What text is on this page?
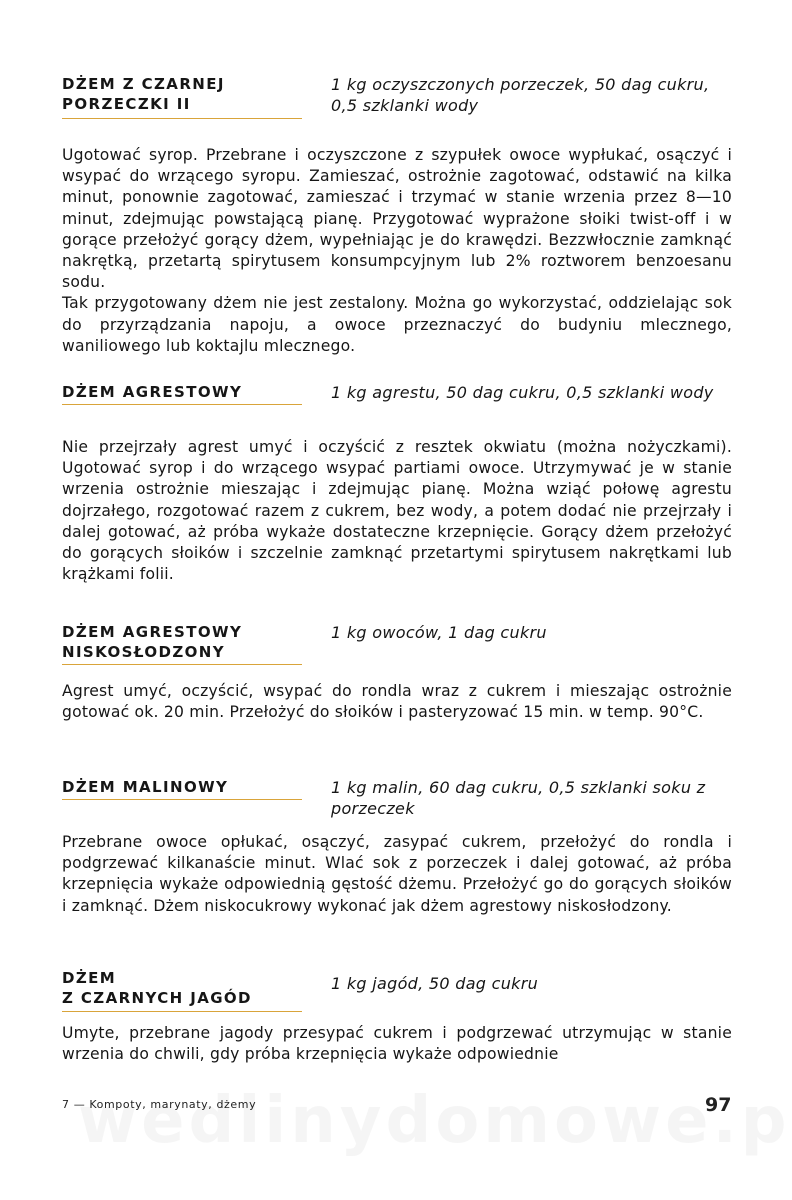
DŻEM Z CZARNEJ
PORZECZKI II
1 kg oczyszczonych porzeczek, 50 dag cukru, 0,5 szklanki wody

Ugotować syrop. Przebrane i oczyszczone z szypułek owoce wypłukać, osączyć i wsypać do wrzącego syropu. Zamieszać, ostrożnie zagotować, odstawić na kilka minut, ponownie zagotować, zamieszać i trzymać w stanie wrzenia przez 8—10 minut, zdejmując powstającą pianę. Przygotować wyprażone słoiki twist-off i w gorące przełożyć gorący dżem, wypełniając je do krawędzi. Bezzwłocznie zamknąć nakrętką, przetartą spirytusem konsumpcyjnym lub 2% roztworem benzoesanu sodu.

Tak przygotowany dżem nie jest zestalony. Można go wykorzystać, oddzielając sok do przyrządzania napoju, a owoce przeznaczyć do budyniu mlecznego, waniliowego lub koktajlu mlecznego.

DŻEM AGRESTOWY	1 kg agrestu, 50 dag cukru, 0,5 szklanki wody

Nie przejrzały agrest umyć i oczyścić z resztek okwiatu (można nożyczkami). Ugotować syrop i do wrzącego wsypać partiami owoce. Utrzymywać je w stanie wrzenia ostrożnie mieszając i zdejmując pianę. Można wziąć połowę agrestu dojrzałego, rozgotować razem z cukrem, bez wody, a potem dodać nie przejrzały i dalej gotować, aż próba wykaże dostateczne krzepnięcie. Gorący dżem przełożyć do gorących słoików i szczelnie zamknąć przetartymi spirytusem nakrętkami lub krążkami folii.

DŻEM AGRESTOWY
NISKOSŁODZONY
1 kg owoców, 1 dag cukru

Agrest umyć, oczyścić, wsypać do rondla wraz z cukrem i mieszając ostrożnie gotować ok. 20 min. Przełożyć do słoików i pasteryzować 15 min. w temp. 90°C.

DŻEM MALINOWY	1 kg malin, 60 dag cukru, 0,5 szklanki soku z porzeczek

Przebrane owoce opłukać, osączyć, zasypać cukrem, przełożyć do rondla i podgrzewać kilkanaście minut. Wlać sok z porzeczek i dalej gotować, aż próba krzepnięcia wykaże odpowiednią gęstość dżemu. Przełożyć go do gorących słoików i zamknąć. Dżem niskocukrowy wykonać jak dżem agrestowy niskosłodzony.

DŻEM
Z CZARNYCH JAGÓD
1 kg jagód, 50 dag cukru

Umyte, przebrane jagody przesypać cukrem i podgrzewać utrzymując w stanie wrzenia do chwili, gdy próba krzepnięcia wykaże odpowiednie

7 — Kompoty, marynaty, dżemy	97
